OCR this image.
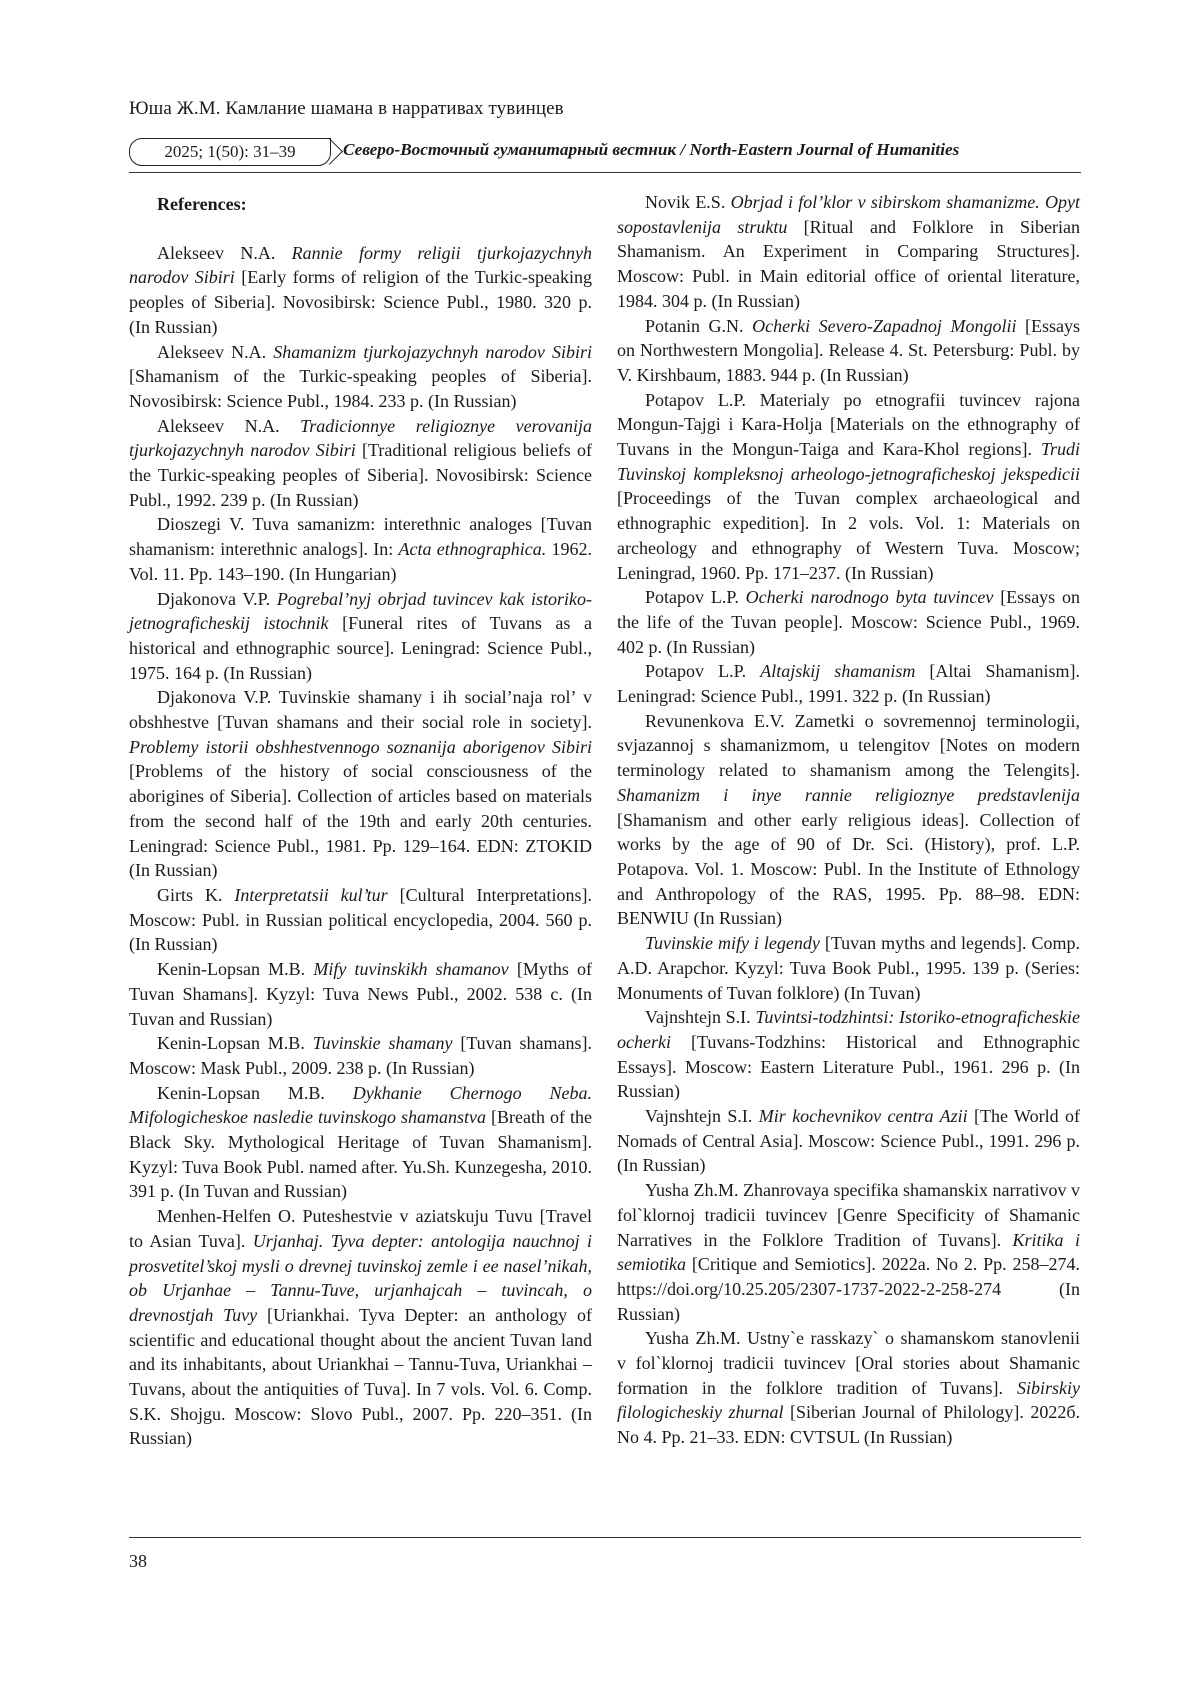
Юша Ж.М. Камлание шамана в нарративах тувинцев
2025; 1(50): 31–39	Северо-Восточный гуманитарный вестник / North-Eastern Journal of Humanities
References:

Alekseev N.A. Rannie formy religii tjurkojazychnyh narodov Sibiri [Early forms of religion of the Turkic-speaking peoples of Siberia]. Novosibirsk: Science Publ., 1980. 320 p. (In Russian)

Alekseev N.A. Shamanizm tjurkojazychnyh narodov Sibiri [Shamanism of the Turkic-speaking peoples of Siberia]. Novosibirsk: Science Publ., 1984. 233 p. (In Russian)

Alekseev N.A. Tradicionnye religioznye verovanija tjurkojazychnyh narodov Sibiri [Traditional religious beliefs of the Turkic-speaking peoples of Siberia]. Novosibirsk: Science Publ., 1992. 239 p. (In Russian)

Dioszegi V. Tuva samanizm: interethnic analoges [Tuvan shamanism: interethnic analogs]. In: Acta ethnographica. 1962. Vol. 11. Pp. 143–190. (In Hungarian)

Djakonova V.P. Pogrebal’nyj obrjad tuvincev kak istoriko-jetnograficheskij istochnik [Funeral rites of Tuvans as a historical and ethnographic source]. Leningrad: Science Publ., 1975. 164 p. (In Russian)

Djakonova V.P. Tuvinskie shamany i ih social’naja rol’ v obshhestve [Tuvan shamans and their social role in society]. Problemy istorii obshhestvennogo soznanija aborigenov Sibiri [Problems of the history of social consciousness of the aborigines of Siberia]. Collection of articles based on materials from the second half of the 19th and early 20th centuries. Leningrad: Science Publ., 1981. Pp. 129–164. EDN: ZTOKID (In Russian)

Girts K. Interpretatsii kul’tur [Cultural Interpretations]. Moscow: Publ. in Russian political encyclopedia, 2004. 560 p. (In Russian)

Kenin-Lopsan M.B. Mify tuvinskikh shamanov [Myths of Tuvan Shamans]. Kyzyl: Tuva News Publ., 2002. 538 c. (In Tuvan and Russian)

Kenin-Lopsan M.B. Tuvinskie shamany [Tuvan shamans]. Moscow: Mask Publ., 2009. 238 p. (In Russian)

Kenin-Lopsan M.B. Dykhanie Chernogo Neba. Mifologicheskoe nasledie tuvinskogo shamanstva [Breath of the Black Sky. Mythological Heritage of Tuvan Shamanism]. Kyzyl: Tuva Book Publ. named after. Yu.Sh. Kunzegesha, 2010. 391 p. (In Tuvan and Russian)

Menhen-Helfen O. Puteshestvie v aziatskuju Tuvu [Travel to Asian Tuva]. Urjanhaj. Tyva depter: antologija nauchnoj i prosvetitel’skoj mysli o drevnej tuvinskoj zemle i ee nasel’nikah, ob Urjanhae – Tannu-Tuve, urjanhajcah – tuvincah, o drevnostjah Tuvy [Uriankhai. Tyva Depter: an anthology of scientific and educational thought about the ancient Tuvan land and its inhabitants, about Uriankhai – Tannu-Tuva, Uriankhai – Tuvans, about the antiquities of Tuva]. In 7 vols. Vol. 6. Comp. S.K. Shojgu. Moscow: Slovo Publ., 2007. Pp. 220–351. (In Russian)

Novik E.S. Obrjad i fol’klor v sibirskom shamanizme. Opyt sopostavlenija struktu [Ritual and Folklore in Siberian Shamanism. An Experiment in Comparing Structures]. Moscow: Publ. in Main editorial office of oriental literature, 1984. 304 p. (In Russian)

Potanin G.N. Ocherki Severo-Zapadnoj Mongolii [Essays on Northwestern Mongolia]. Release 4. St. Petersburg: Publ. by V. Kirshbaum, 1883. 944 p. (In Russian)

Potapov L.P. Materialy po etnografii tuvincev rajona Mongun-Tajgi i Kara-Holja [Materials on the ethnography of Tuvans in the Mongun-Taiga and Kara-Khol regions]. Trudi Tuvinskoj kompleksnoj arheologo-jetnograficheskoj jekspedicii [Proceedings of the Tuvan complex archaeological and ethnographic expedition]. In 2 vols. Vol. 1: Materials on archeology and ethnography of Western Tuva. Moscow; Leningrad, 1960. Pp. 171–237. (In Russian)

Potapov L.P. Ocherki narodnogo byta tuvincev [Essays on the life of the Tuvan people]. Moscow: Science Publ., 1969. 402 p. (In Russian)

Potapov L.P. Altajskij shamanism [Altai Shamanism]. Leningrad: Science Publ., 1991. 322 p. (In Russian)

Revunenkova E.V. Zametki o sovremennoj terminologii, svjazannoj s shamanizmom, u telengitov [Notes on modern terminology related to shamanism among the Telengits]. Shamanizm i inye rannie religioznye predstavlenija [Shamanism and other early religious ideas]. Collection of works by the age of 90 of Dr. Sci. (History), prof. L.P. Potapova. Vol. 1. Moscow: Publ. In the Institute of Ethnology and Anthropology of the RAS, 1995. Pp. 88–98. EDN: BENWIU (In Russian)

Tuvinskie mify i legendy [Tuvan myths and legends]. Comp. A.D. Arapchor. Kyzyl: Tuva Book Publ., 1995. 139 p. (Series: Monuments of Tuvan folklore) (In Tuvan)

Vajnshtejn S.I. Tuvintsi-todzhintsi: Istoriko-etnograficheskie ocherki [Tuvans-Todzhins: Historical and Ethnographic Essays]. Moscow: Eastern Literature Publ., 1961. 296 p. (In Russian)

Vajnshtejn S.I. Mir kochevnikov centra Azii [The World of Nomads of Central Asia]. Moscow: Science Publ., 1991. 296 p. (In Russian)

Yusha Zh.M. Zhanrovaya specifika shamanskix narrativov v fol`klornoj tradicii tuvincev [Genre Specificity of Shamanic Narratives in the Folklore Tradition of Tuvans]. Kritika i semiotika [Critique and Semiotics]. 2022a. No 2. Pp. 258–274. https://doi.org/10.25.205/2307-1737-2022-2-258-274 (In Russian)

Yusha Zh.M. Ustny`e rasskazy` o shamanskom stanovlenii v fol`klornoj tradicii tuvincev [Oral stories about Shamanic formation in the folklore tradition of Tuvans]. Sibirskiy filologicheskiy zhurnal [Siberian Journal of Philology]. 2022б. No 4. Pp. 21–33. EDN: CVTSUL (In Russian)

38
